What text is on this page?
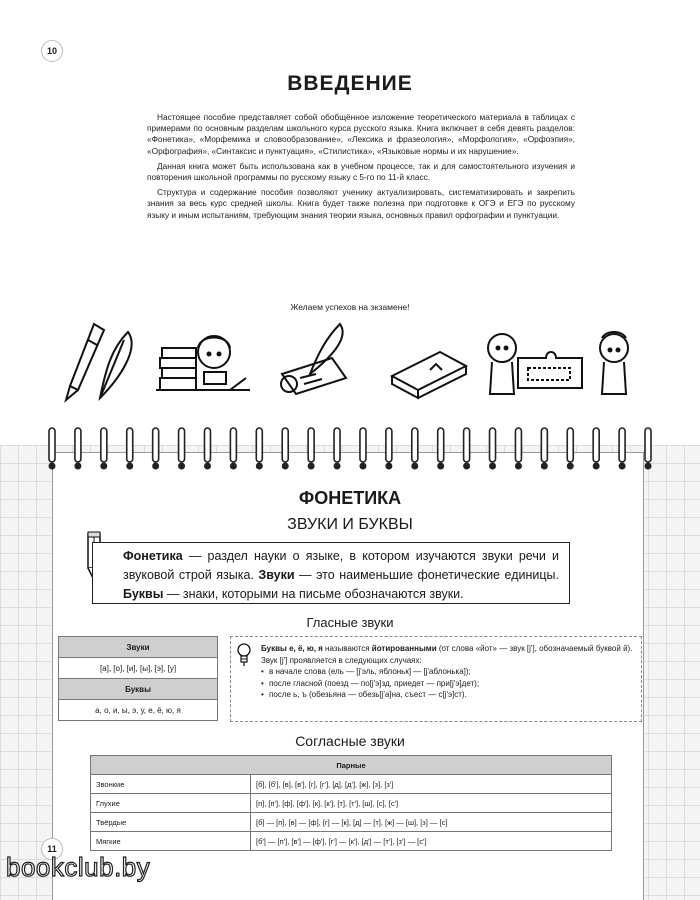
10
ВВЕДЕНИЕ

Настоящее пособие представляет собой обобщённое изложение теоретического материала в таблицах с примерами по основным разделам школьного курса русского языка. Книга включает в себя девять разделов: «Фонетика», «Морфемика и словообразование», «Лексика и фразеология», «Морфология», «Орфоэпия», «Орфография», «Синтаксис и пунктуация», «Стилистика», «Языковые нормы и их нарушение».

Данная книга может быть использована как в учебном процессе, так и для самостоятельного изучения и повторения школьной программы по русскому языку с 5-го по 11-й класс.

Структура и содержание пособия позволяют ученику актуализировать, систематизировать и закрепить знания за весь курс средней школы. Книга будет также полезна при подготовке к ОГЭ и ЕГЭ по русскому языку и иным испытаниям, требующим знания теории языка, основных правил орфографии и пунктуации.

Желаем успехов на экзамене!
ФОНЕТИКА
ЗВУКИ И БУКВЫ
Фонетика — раздел науки о языке, в котором изучаются звуки речи и звуковой строй языка. Звуки — это наименьшие фонетические единицы. Буквы — знаки, которыми на письме обозначаются звуки.
Гласные звуки
Звуки
[а], [о], [и], [ы], [э], [у]
Буквы
а, о, и, ы, э, у, е, ё, ю, я
Буквы е, ё, ю, я называются йотированными (от слова «йот» — звук [j'], обозначаемый буквой й). Звук [j'] проявляется в следующих случаях:
• в начале слова (ель — [j'эль, яблоньк] — [j'аблонька]);
• после гласной (поезд — по[j'э]зд, приедет — при[j'э]дет);
• после ь, ъ (обезьяна — обезь[j'а]на, съест — с[j'э]ст).
Согласные звуки
Парные	
Звонкие	[б], [б'], [в], [в'], [г], [г'], [д], [д'], [ж], [з], [з']
Глухие	[п], [п'], [ф], [ф'], [к], [к'], [т], [т'], [ш], [с], [с']
Твёрдые	[б] — [п], [в] — [ф], [г] — [к], [д] — [т], [ж] — [ш], [з] — [с]
Мягкие	[б'] — [п'], [в'] — [ф'], [г'] — [к'], [д'] — [т'], [з'] — [с']
11
bookclub.by
